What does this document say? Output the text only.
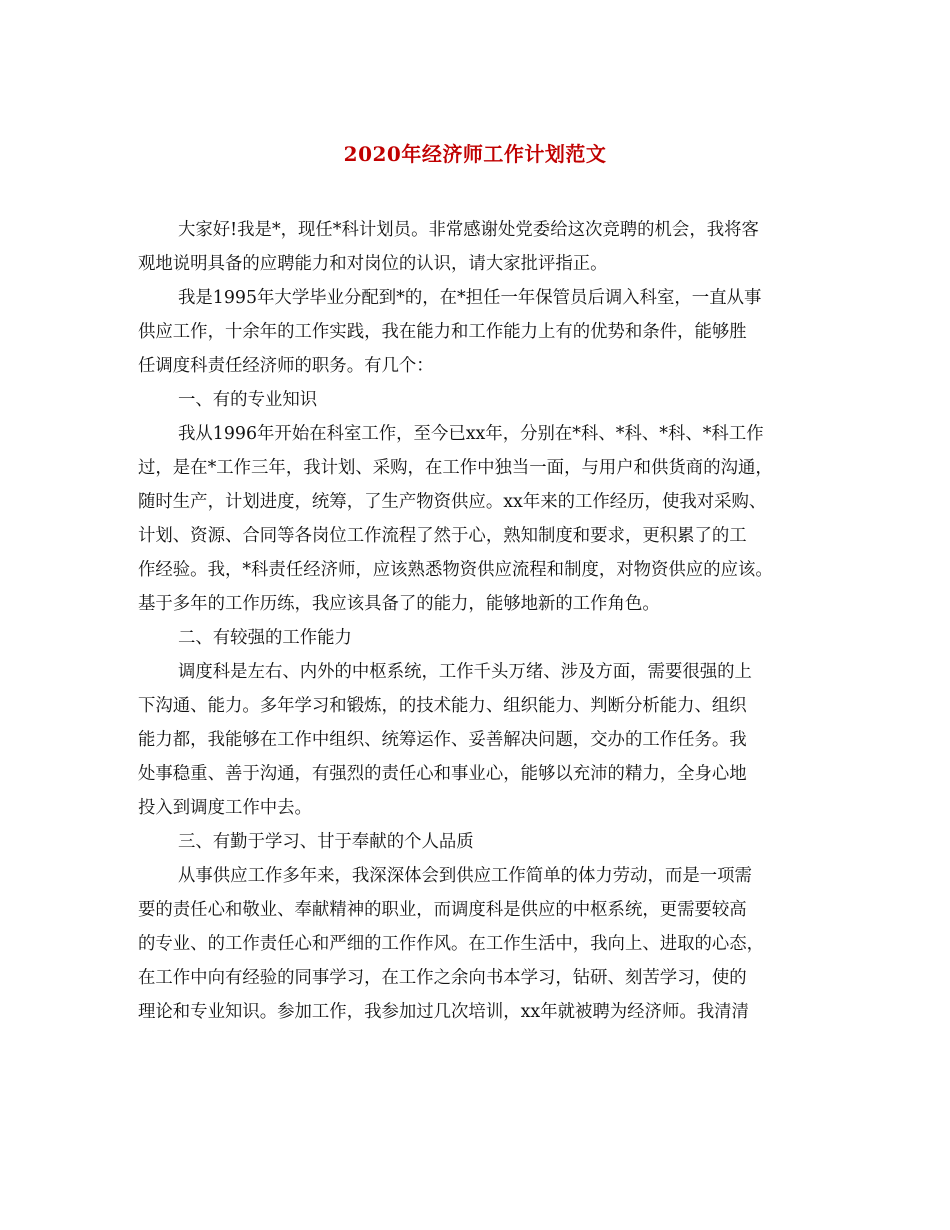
2020年经济师工作计划范文
大家好!我是*，现任*科计划员。非常感谢处党委给这次竞聘的机会，我将客
观地说明具备的应聘能力和对岗位的认识，请大家批评指正。
我是1995年大学毕业分配到*的，在*担任一年保管员后调入科室，一直从事
供应工作，十余年的工作实践，我在能力和工作能力上有的优势和条件，能够胜
任调度科责任经济师的职务。有几个：
一、有的专业知识
我从1996年开始在科室工作，至今已xx年，分别在*科、*科、*科、*科工作
过，是在*工作三年，我计划、采购，在工作中独当一面，与用户和供货商的沟通，
随时生产，计划进度，统筹，了生产物资供应。xx年来的工作经历，使我对采购、
计划、资源、合同等各岗位工作流程了然于心，熟知制度和要求，更积累了的工
作经验。我，*科责任经济师，应该熟悉物资供应流程和制度，对物资供应的应该。
基于多年的工作历练，我应该具备了的能力，能够地新的工作角色。
二、有较强的工作能力
调度科是左右、内外的中枢系统，工作千头万绪、涉及方面，需要很强的上
下沟通、能力。多年学习和锻炼，的技术能力、组织能力、判断分析能力、组织
能力都，我能够在工作中组织、统筹运作、妥善解决问题，交办的工作任务。我
处事稳重、善于沟通，有强烈的责任心和事业心，能够以充沛的精力，全身心地
投入到调度工作中去。
三、有勤于学习、甘于奉献的个人品质
从事供应工作多年来，我深深体会到供应工作简单的体力劳动，而是一项需
要的责任心和敬业、奉献精神的职业，而调度科是供应的中枢系统，更需要较高
的专业、的工作责任心和严细的工作作风。在工作生活中，我向上、进取的心态，
在工作中向有经验的同事学习，在工作之余向书本学习，钻研、刻苦学习，使的
理论和专业知识。参加工作，我参加过几次培训，xx年就被聘为经济师。我清清
